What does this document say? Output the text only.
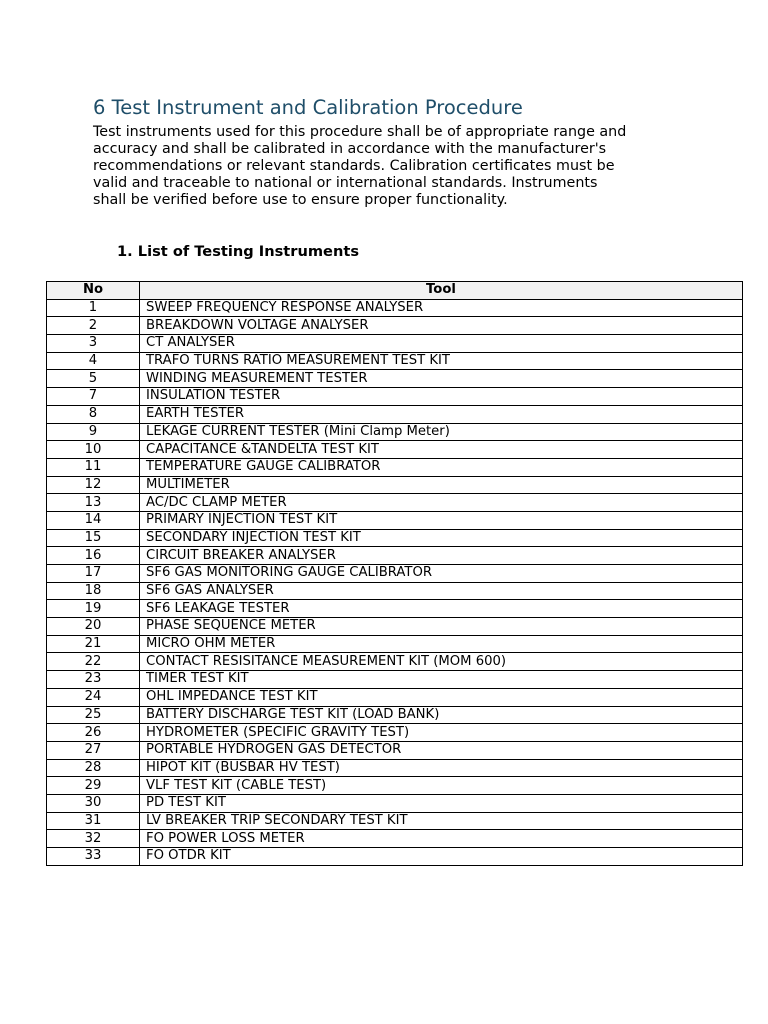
6 Test Instrument and Calibration Procedure
Test instruments used for this procedure shall be of appropriate range and
accuracy and shall be calibrated in accordance with the manufacturer's
recommendations or relevant standards. Calibration certificates must be
valid and traceable to national or international standards. Instruments
shall be verified before use to ensure proper functionality.
1. List of Testing Instruments
No	Tool
1	SWEEP FREQUENCY RESPONSE ANALYSER
2	BREAKDOWN VOLTAGE ANALYSER
3	CT ANALYSER
4	TRAFO TURNS RATIO MEASUREMENT TEST KIT
5	WINDING MEASUREMENT TESTER
7	INSULATION TESTER
8	EARTH TESTER
9	LEKAGE CURRENT TESTER (Mini Clamp Meter)
10	CAPACITANCE &TANDELTA TEST KIT
11	TEMPERATURE GAUGE CALIBRATOR
12	MULTIMETER
13	AC/DC CLAMP METER
14	PRIMARY INJECTION TEST KIT
15	SECONDARY INJECTION TEST KIT
16	CIRCUIT BREAKER ANALYSER
17	SF6 GAS MONITORING GAUGE CALIBRATOR
18	SF6 GAS ANALYSER
19	SF6 LEAKAGE TESTER
20	PHASE SEQUENCE METER
21	MICRO OHM METER
22	CONTACT RESISITANCE MEASUREMENT KIT (MOM 600)
23	TIMER TEST KIT
24	OHL IMPEDANCE TEST KIT
25	BATTERY DISCHARGE TEST KIT (LOAD BANK)
26	HYDROMETER (SPECIFIC GRAVITY TEST)
27	PORTABLE HYDROGEN GAS DETECTOR
28	HIPOT KIT (BUSBAR HV TEST)
29	VLF TEST KIT (CABLE TEST)
30	PD TEST KIT
31	LV BREAKER TRIP SECONDARY TEST KIT
32	FO POWER LOSS METER
33	FO OTDR KIT
